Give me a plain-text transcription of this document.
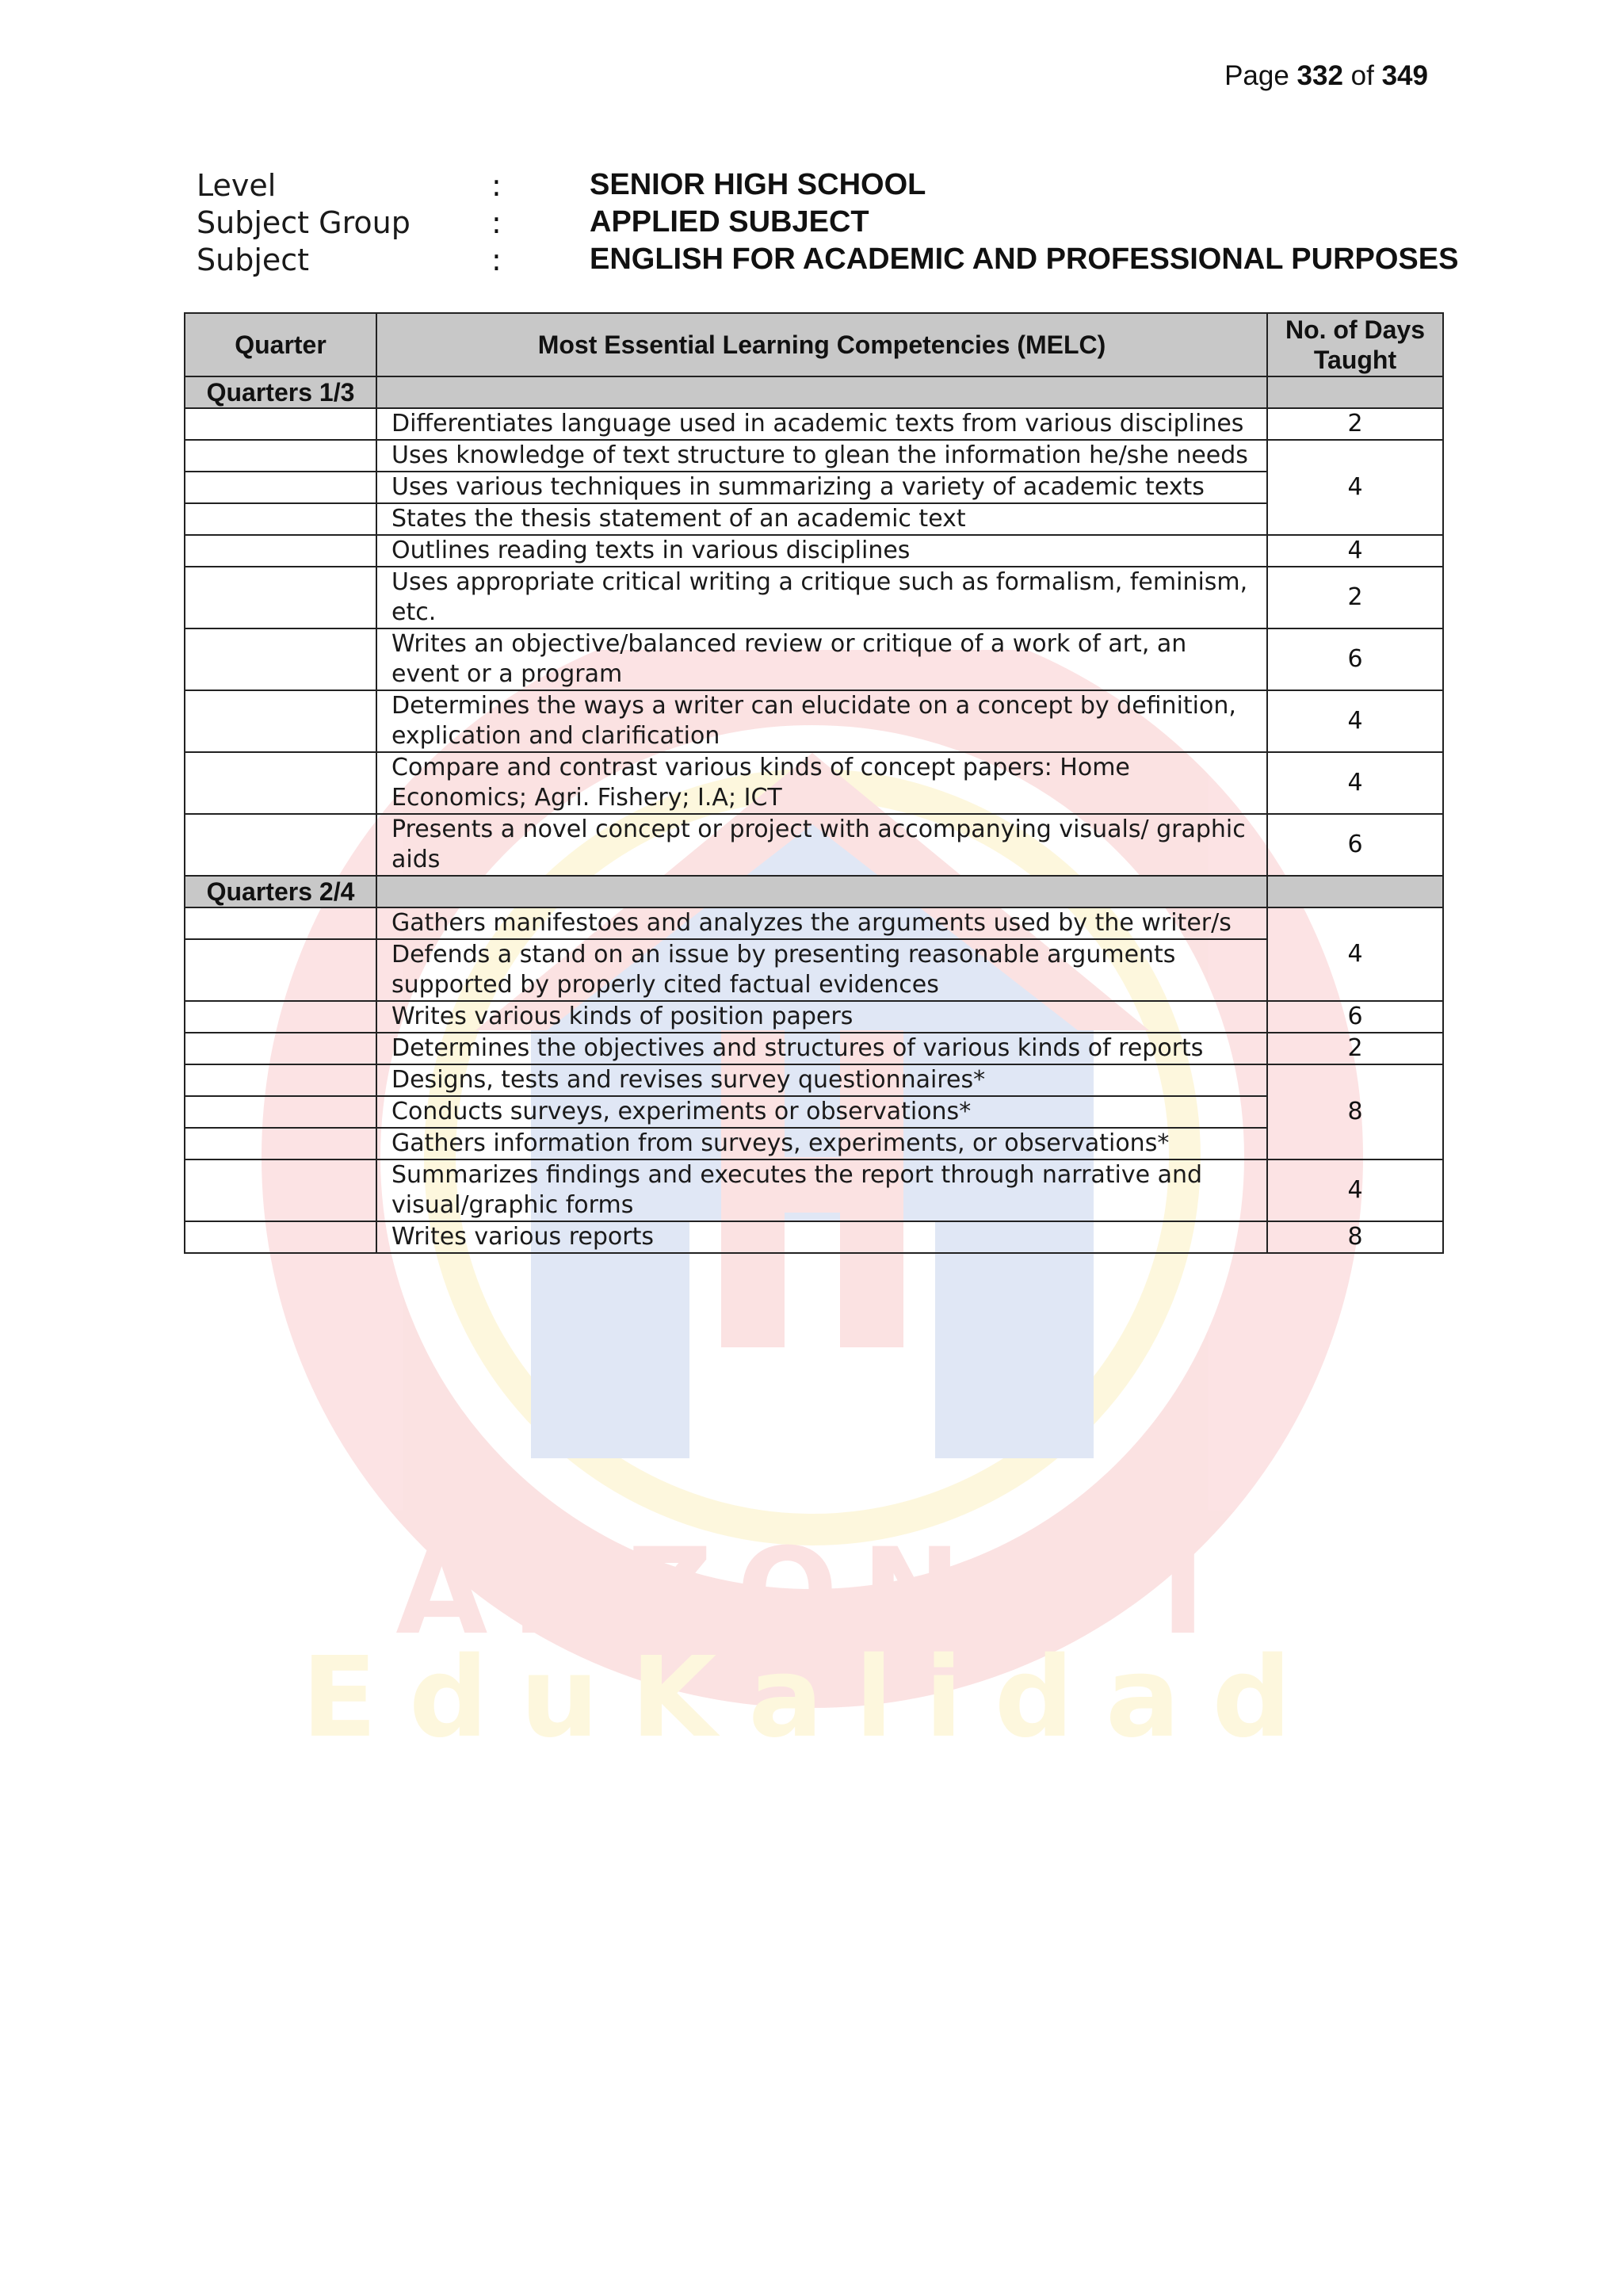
EduKalidad
ARZON PI
Page 332 of 349
Level	:	SENIOR HIGH SCHOOL
Subject Group	:	APPLIED SUBJECT
Subject	:	ENGLISH FOR ACADEMIC AND PROFESSIONAL PURPOSES
Quarter	Most Essential Learning Competencies (MELC)	No. of Days Taught
Quarters 1/3		
	Differentiates language used in academic texts from various disciplines	2
	Uses knowledge of text structure to glean the information he/she needs	4
	Uses various techniques in summarizing a variety of academic texts	
	States the thesis statement of an academic text	
	Outlines reading texts in various disciplines	4
	Uses appropriate critical writing a critique such as formalism, feminism, etc.	2
	Writes an objective/balanced review or critique of a work of art, an event or a program	6
	Determines the ways a writer can elucidate on a concept by definition, explication and clarification	4
	Compare and contrast various kinds of concept papers: Home Economics; Agri. Fishery; I.A; ICT	4
	Presents a novel concept or project with accompanying visuals/ graphic aids	6
Quarters 2/4		
	Gathers manifestoes and analyzes the arguments used by the writer/s	4
	Defends a stand on an issue by presenting reasonable arguments supported by properly cited factual evidences	
	Writes various kinds of position papers	6
	Determines the objectives and structures of various kinds of reports	2
	Designs, tests and revises survey questionnaires*	8
	Conducts surveys, experiments or observations*	
	Gathers information from surveys, experiments, or observations*	
	Summarizes findings and executes the report through narrative and visual/graphic forms	4
	Writes various reports	8
